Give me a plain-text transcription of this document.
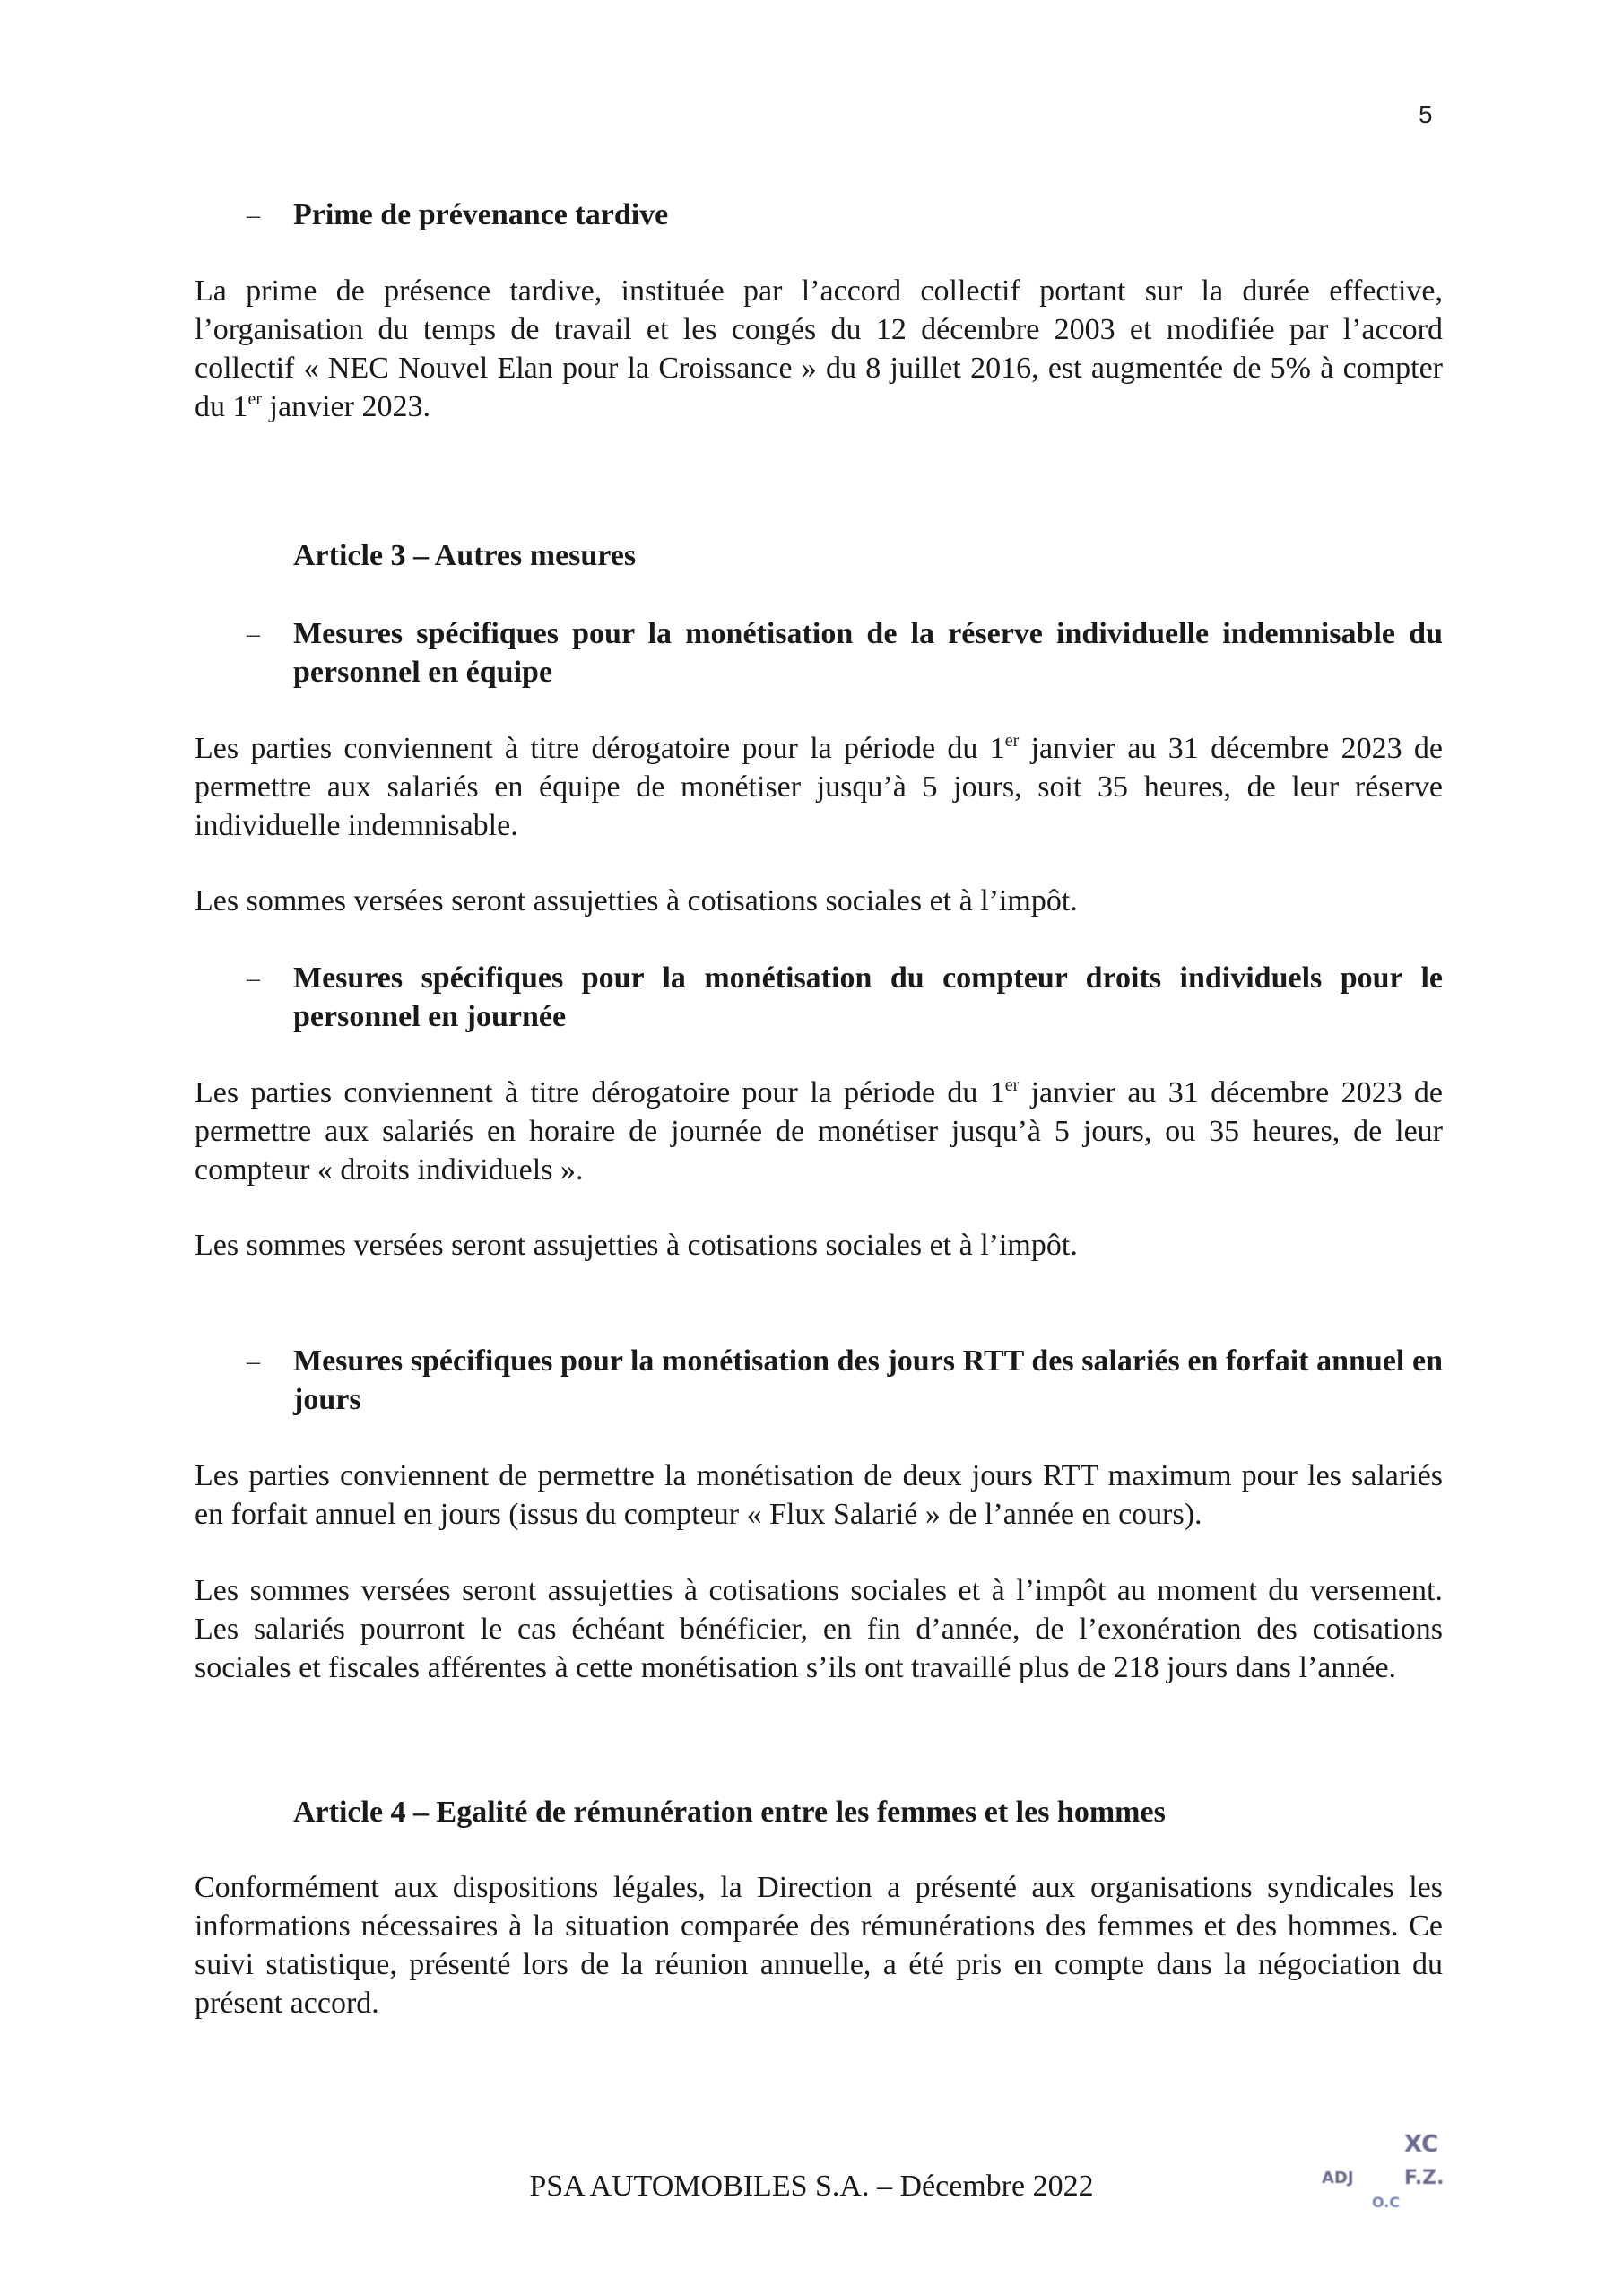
5
– Prime de prévenance tardive

La prime de présence tardive, instituée par l’accord collectif portant sur la durée effective, l’organisation du temps de travail et les congés du 12 décembre 2003 et modifiée par l’accord collectif « NEC Nouvel Elan pour la Croissance » du 8 juillet 2016, est augmentée de 5% à compter du 1er janvier 2023.

Article 3 – Autres mesures
– Mesures spécifiques pour la monétisation de la réserve individuelle indemnisable du personnel en équipe

Les parties conviennent à titre dérogatoire pour la période du 1er janvier au 31 décembre 2023 de permettre aux salariés en équipe de monétiser jusqu’à 5 jours, soit 35 heures, de leur réserve individuelle indemnisable.

Les sommes versées seront assujetties à cotisations sociales et à l’impôt.

– Mesures spécifiques pour la monétisation du compteur droits individuels pour le personnel en journée

Les parties conviennent à titre dérogatoire pour la période du 1er janvier au 31 décembre 2023 de permettre aux salariés en horaire de journée de monétiser jusqu’à 5 jours, ou 35 heures, de leur compteur « droits individuels ».

Les sommes versées seront assujetties à cotisations sociales et à l’impôt.

– Mesures spécifiques pour la monétisation des jours RTT des salariés en forfait annuel en jours

Les parties conviennent de permettre la monétisation de deux jours RTT maximum pour les salariés en forfait annuel en jours (issus du compteur « Flux Salarié » de l’année en cours).

Les sommes versées seront assujetties à cotisations sociales et à l’impôt au moment du versement. Les salariés pourront le cas échéant bénéficier, en fin d’année, de l’exonération des cotisations sociales et fiscales afférentes à cette monétisation s’ils ont travaillé plus de 218 jours dans l’année.

Article 4 – Egalité de rémunération entre les femmes et les hommes

Conformément aux dispositions légales, la Direction a présenté aux organisations syndicales les informations nécessaires à la situation comparée des rémunérations des femmes et des hommes. Ce suivi statistique, présenté lors de la réunion annuelle, a été pris en compte dans la négociation du présent accord.

PSA AUTOMOBILES S.A. – Décembre 2022
XC
ADJ	F.Z.
O.C
